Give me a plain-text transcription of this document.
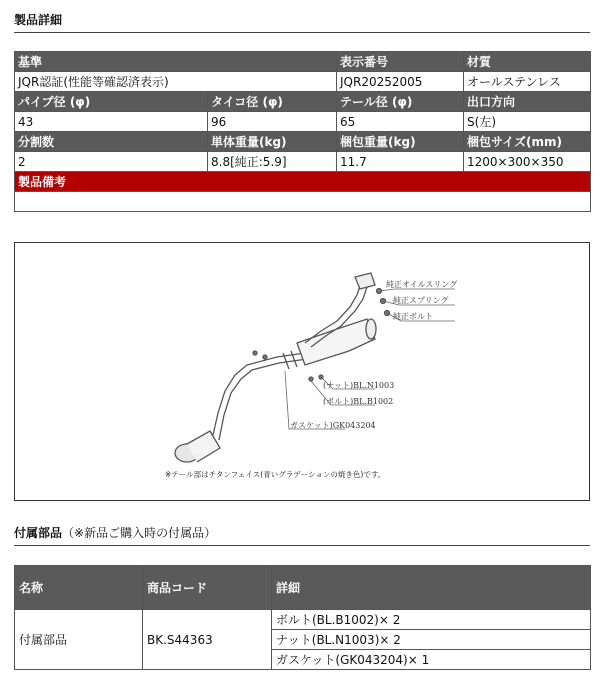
製品詳細
基準		表示番号	材質
JQR認証(性能等確認済表示)		JQR20252005	オールステンレス
パイプ径 (φ)	タイコ径 (φ)	テール径 (φ)	出口方向
43	96	65	S(左)
分割数	単体重量(kg)	梱包重量(kg)	梱包サイズ(mm)
2	8.8[純正:5.9]	11.7	1200×300×350
製品備考			

純正オイルスリング
純正スプリング
純正ボルト
(ナット)BL.N1003
(ボルト)BL.B1002
ガスケット)GK043204
※テール部はチタンフェイス(青いグラデーションの焼き色)です。
付属部品（※新品ご購入時の付属品）
名称	商品コード	詳細
付属部品	BK.S44363	ボルト(BL.B1002)× 2
		ナット(BL.N1003)× 2
		ガスケット(GK043204)× 1
